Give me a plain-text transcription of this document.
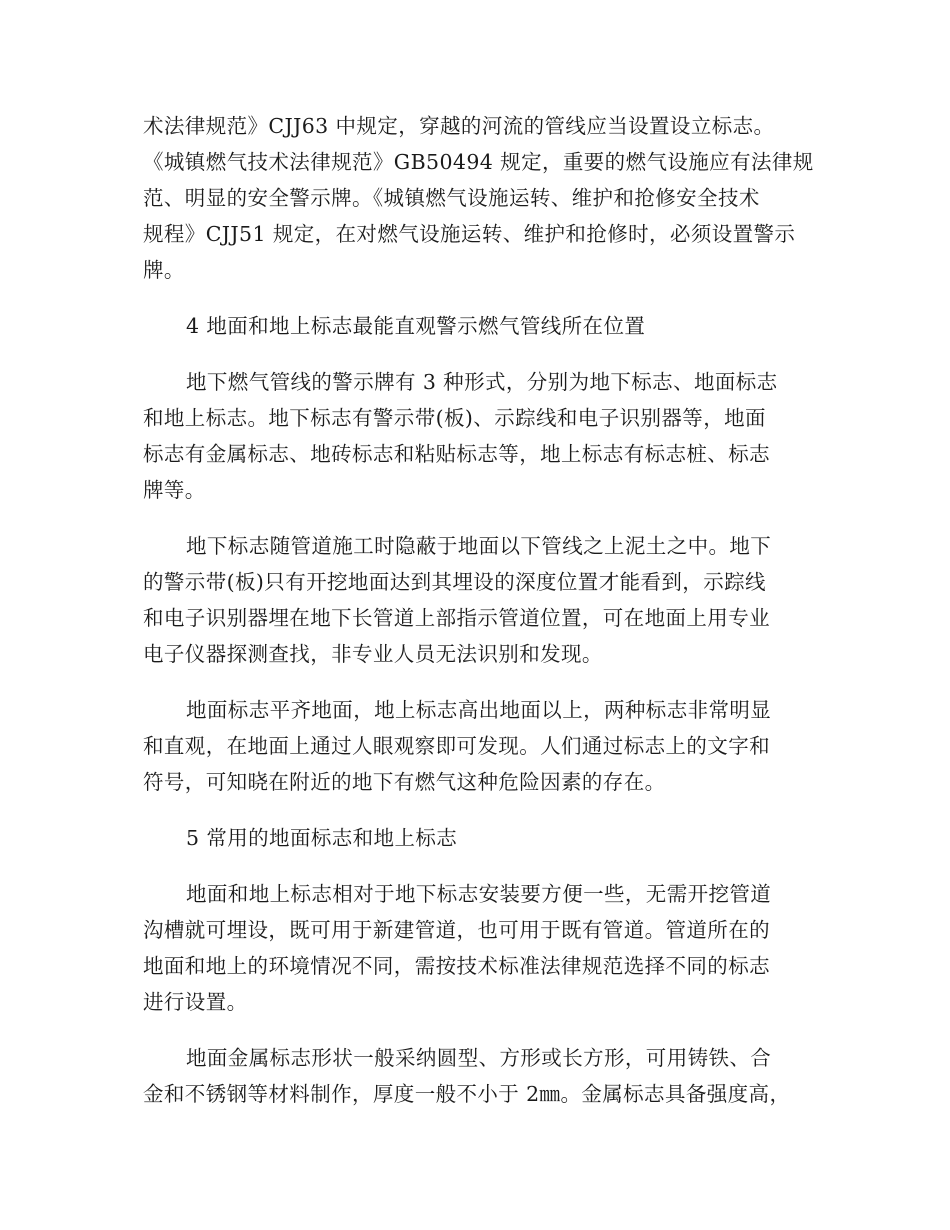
术法律规范》CJJ63 中规定，穿越的河流的管线应当设置设立标志。
《城镇燃气技术法律规范》GB50494 规定，重要的燃气设施应有法律规
范、明显的安全警示牌。《城镇燃气设施运转、维护和抢修安全技术
规程》CJJ51 规定，在对燃气设施运转、维护和抢修时，必须设置警示
牌。
4 地面和地上标志最能直观警示燃气管线所在位置
地下燃气管线的警示牌有 3 种形式，分别为地下标志、地面标志
和地上标志。地下标志有警示带(板)、示踪线和电子识别器等，地面
标志有金属标志、地砖标志和粘贴标志等，地上标志有标志桩、标志
牌等。
地下标志随管道施工时隐蔽于地面以下管线之上泥土之中。地下
的警示带(板)只有开挖地面达到其埋设的深度位置才能看到，示踪线
和电子识别器埋在地下长管道上部指示管道位置，可在地面上用专业
电子仪器探测查找，非专业人员无法识别和发现。
地面标志平齐地面，地上标志高出地面以上，两种标志非常明显
和直观，在地面上通过人眼观察即可发现。人们通过标志上的文字和
符号，可知晓在附近的地下有燃气这种危险因素的存在。
5 常用的地面标志和地上标志
地面和地上标志相对于地下标志安装要方便一些，无需开挖管道
沟槽就可埋设，既可用于新建管道，也可用于既有管道。管道所在的
地面和地上的环境情况不同，需按技术标准法律规范选择不同的标志
进行设置。
地面金属标志形状一般采纳圆型、方形或长方形，可用铸铁、合
金和不锈钢等材料制作，厚度一般不小于 2㎜。金属标志具备强度高，
